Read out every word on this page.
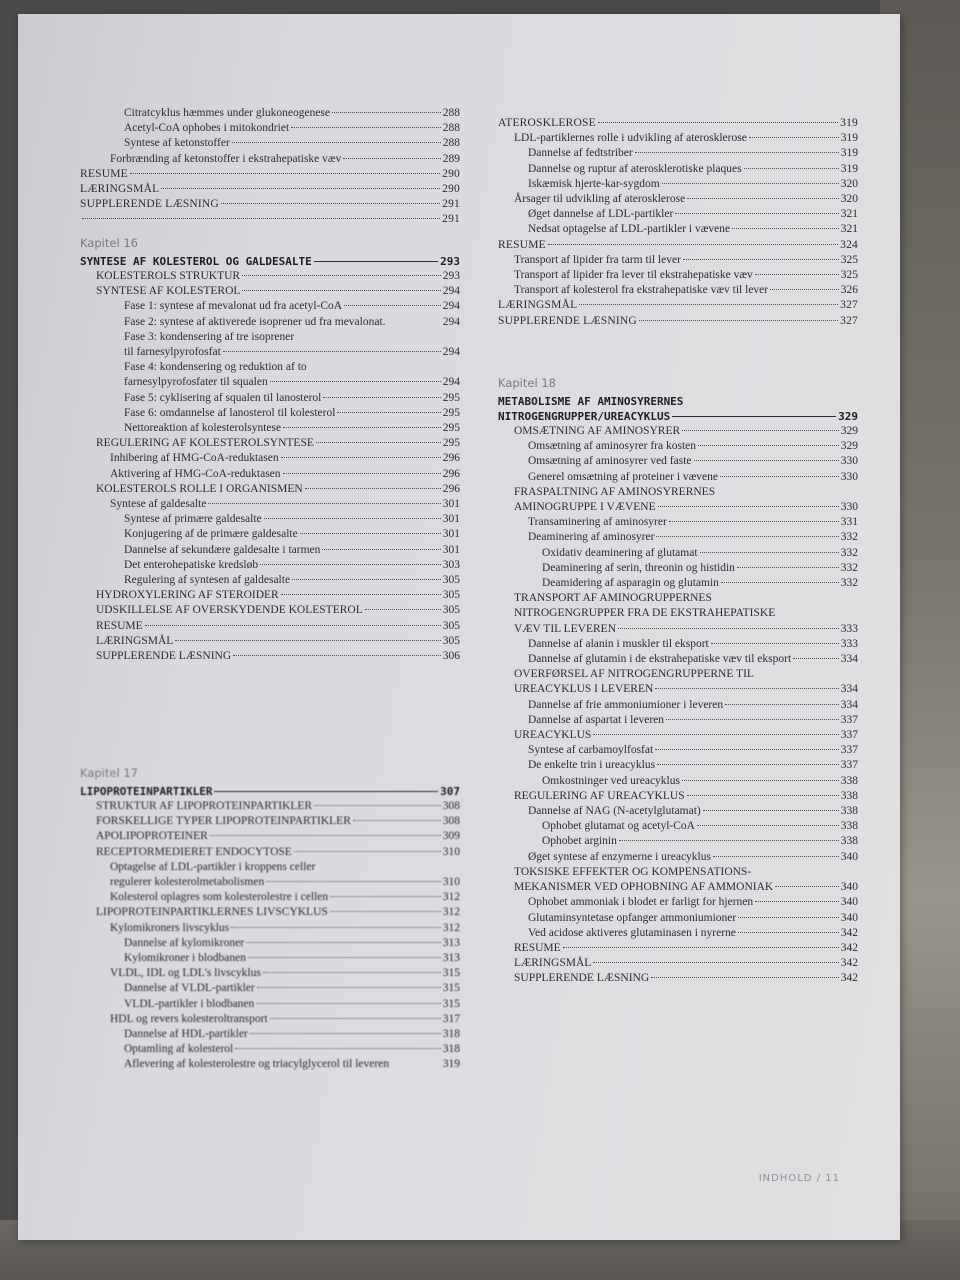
Citratcyklus hæmmes under glukoneogenese	288
Acetyl-CoA ophobes i mitokondriet	288
Syntese af ketonstoffer	288
Forbrænding af ketonstoffer i ekstrahepatiske væv	289
RESUME	290
LÆRINGSMÅL	290
SUPPLERENDE LÆSNING	291
291
Kapitel 16
SYNTESE AF KOLESTEROL OG GALDESALTE	293
KOLESTEROLS STRUKTUR	293
SYNTESE AF KOLESTEROL	294
Fase 1: syntese af mevalonat ud fra acetyl-CoA	294
Fase 2: syntese af aktiverede isoprener ud fra mevalonat.	294
Fase 3: kondensering af tre isoprener
til farnesylpyrofosfat	294
Fase 4: kondensering og reduktion af to
farnesylpyrofosfater til squalen	294
Fase 5: cyklisering af squalen til lanosterol	295
Fase 6: omdannelse af lanosterol til kolesterol	295
Nettoreaktion af kolesterolsyntese	295
REGULERING AF KOLESTEROLSYNTESE	295
Inhibering af HMG-CoA-reduktasen	296
Aktivering af HMG-CoA-reduktasen	296
KOLESTEROLS ROLLE I ORGANISMEN	296
Syntese af galdesalte	301
Syntese af primære galdesalte	301
Konjugering af de primære galdesalte	301
Dannelse af sekundære galdesalte i tarmen	301
Det enterohepatiske kredsløb	303
Regulering af syntesen af galdesalte	305
HYDROXYLERING AF STEROIDER	305
UDSKILLELSE AF OVERSKYDENDE KOLESTEROL	305
RESUME	305
LÆRINGSMÅL	305
SUPPLERENDE LÆSNING	306
Kapitel 17
LIPOPROTEINPARTIKLER	307
STRUKTUR AF LIPOPROTEINPARTIKLER	308
FORSKELLIGE TYPER LIPOPROTEINPARTIKLER	308
APOLIPOPROTEINER	309
RECEPTORMEDIERET ENDOCYTOSE	310
Optagelse af LDL-partikler i kroppens celler
regulerer kolesterolmetabolismen	310
Kolesterol oplagres som kolesterolestre i cellen	312
LIPOPROTEINPARTIKLERNES LIVSCYKLUS	312
Kylomikroners livscyklus	312
Dannelse af kylomikroner	313
Kylomikroner i blodbanen	313
VLDL, IDL og LDL's livscyklus	315
Dannelse af VLDL-partikler	315
VLDL-partikler i blodbanen	315
HDL og revers kolesteroltransport	317
Dannelse af HDL-partikler	318
Optamling af kolesterol	318
Aflevering af kolesterolestre og triacylglycerol til leveren	319
ATEROSKLEROSE	319
LDL-partiklernes rolle i udvikling af aterosklerose	319
Dannelse af fedtstriber	319
Dannelse og ruptur af aterosklerotiske plaques	319
Iskæmisk hjerte-kar-sygdom	320
Årsager til udvikling af aterosklerose	320
Øget dannelse af LDL-partikler	321
Nedsat optagelse af LDL-partikler i vævene	321
RESUME	324
Transport af lipider fra tarm til lever	325
Transport af lipider fra lever til ekstrahepatiske væv	325
Transport af kolesterol fra ekstrahepatiske væv til lever	326
LÆRINGSMÅL	327
SUPPLERENDE LÆSNING	327
Kapitel 18
METABOLISME AF AMINOSYRERNES
NITROGENGRUPPER/UREACYKLUS	329
OMSÆTNING AF AMINOSYRER	329
Omsætning af aminosyrer fra kosten	329
Omsætning af aminosyrer ved faste	330
Generel omsætning af proteiner i vævene	330
FRASPALTNING AF AMINOSYRERNES
AMINOGRUPPE I VÆVENE	330
Transaminering af aminosyrer	331
Deaminering af aminosyrer	332
Oxidativ deaminering af glutamat	332
Deaminering af serin, threonin og histidin	332
Deamidering af asparagin og glutamin	332
TRANSPORT AF AMINOGRUPPERNES
NITROGENGRUPPER FRA DE EKSTRAHEPATISKE
VÆV TIL LEVEREN	333
Dannelse af alanin i muskler til eksport	333
Dannelse af glutamin i de ekstrahepatiske væv til eksport	334
OVERFØRSEL AF NITROGENGRUPPERNE TIL
UREACYKLUS I LEVEREN	334
Dannelse af frie ammoniumioner i leveren	334
Dannelse af aspartat i leveren	337
UREACYKLUS	337
Syntese af carbamoylfosfat	337
De enkelte trin i ureacyklus	337
Omkostninger ved ureacyklus	338
REGULERING AF UREACYKLUS	338
Dannelse af NAG (N-acetylglutamat)	338
Ophobet glutamat og acetyl-CoA	338
Ophobet arginin	338
Øget syntese af enzymerne i ureacyklus	340
TOKSISKE EFFEKTER OG KOMPENSATIONS-
MEKANISMER VED OPHOBNING AF AMMONIAK	340
Ophobet ammoniak i blodet er farligt for hjernen	340
Glutaminsyntetase opfanger ammoniumioner	340
Ved acidose aktiveres glutaminasen i nyrerne	342
RESUME	342
LÆRINGSMÅL	342
SUPPLERENDE LÆSNING	342
INDHOLD / 11
